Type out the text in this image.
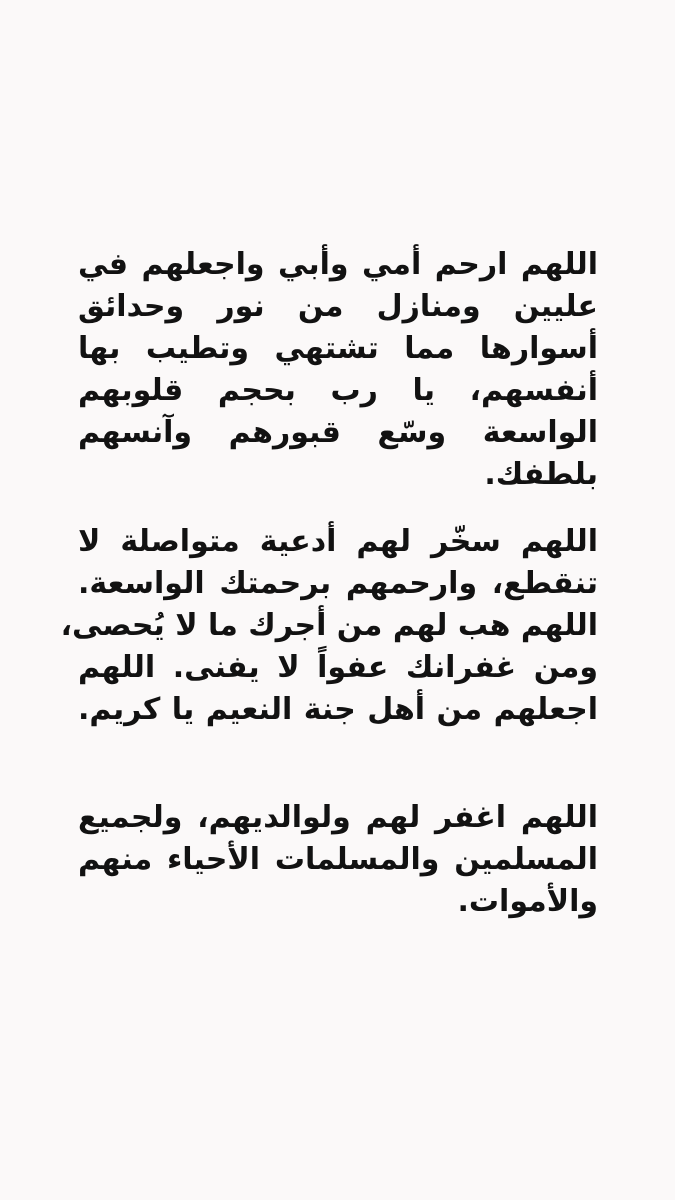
اللهم ارحم أمي وأبي واجعلهم في
عليين ومنازل من نور وحدائق
أسوارها مما تشتهي وتطيب بها
أنفسهم، يا رب بحجم قلوبهم
الواسعة وسّع قبورهم وآنسهم
بلطفك.
اللهم سخّر لهم أدعية متواصلة لا
تنقطع، وارحمهم برحمتك الواسعة.
اللهم هب لهم من أجرك ما لا يُحصى،
ومن غفرانك عفواً لا يفنى. اللهم
اجعلهم من أهل جنة النعيم يا كريم.
اللهم اغفر لهم ولوالديهم، ولجميع
المسلمين والمسلمات الأحياء منهم
والأموات.
